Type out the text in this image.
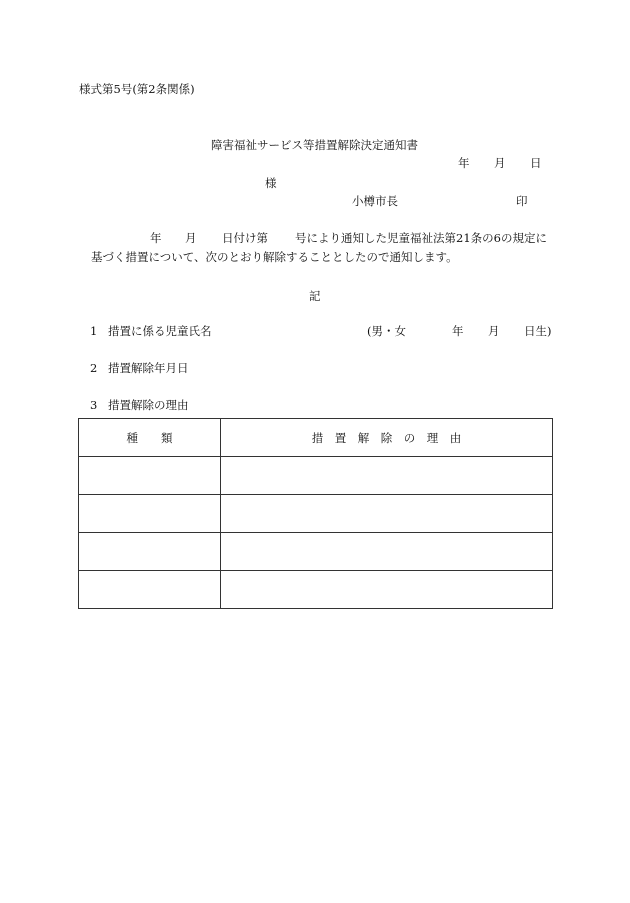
様式第5号(第2条関係)
障害福祉サービス等措置解除決定通知書
年 月 日
様
小樽市長	印
年 月 日付け第 号により通知した児童福祉法第21条の6の規定に
基づく措置について、次のとおり解除することとしたので通知します。
記
1 措置に係る児童氏名	(男・女	年 月 日生)
2 措置解除年月日
3 措置解除の理由
種　　類	措　置　解　除　の　理　由
